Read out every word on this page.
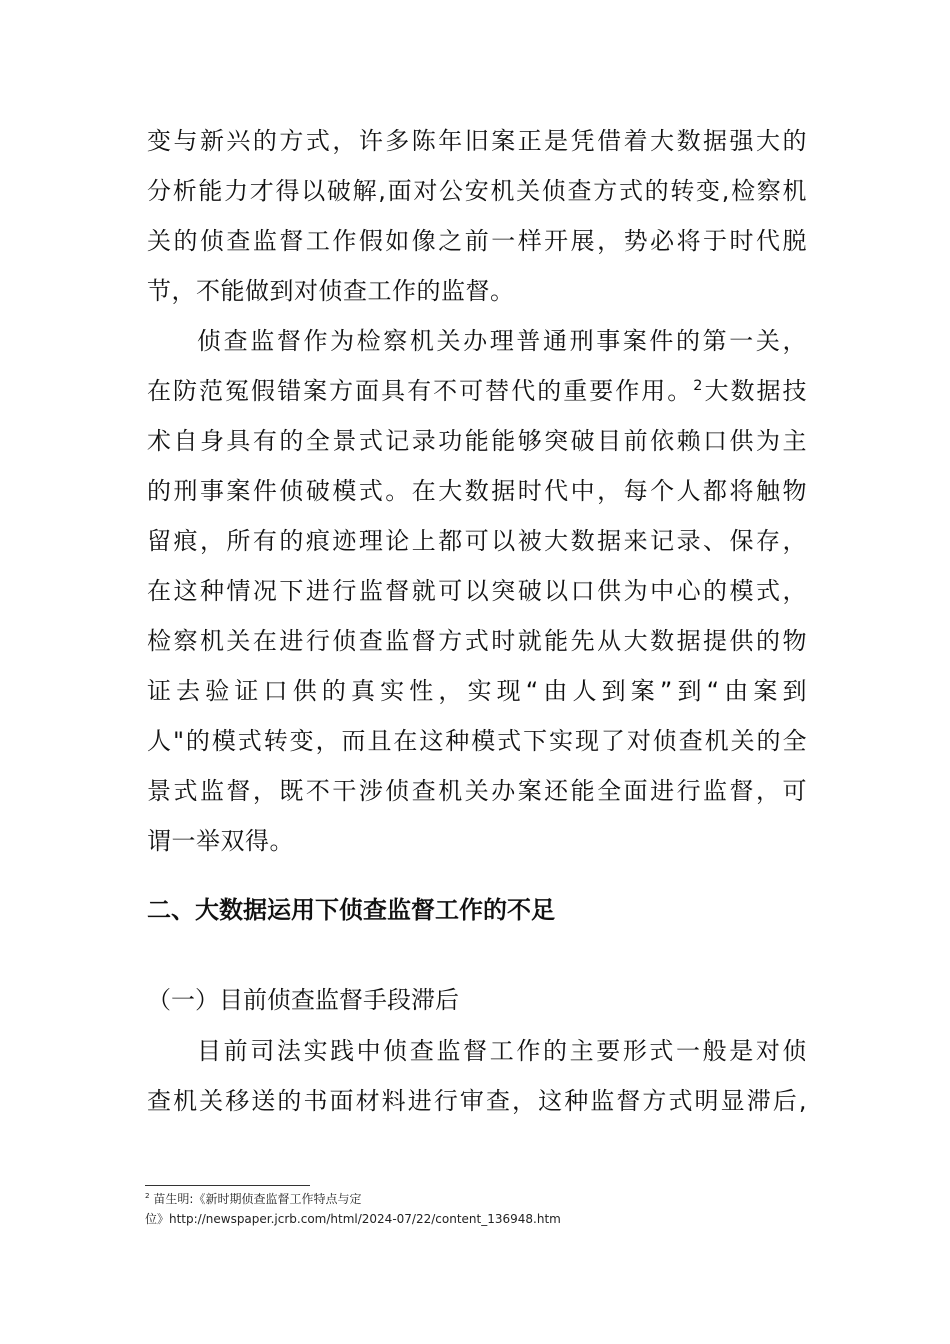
变与新兴的方式，许多陈年旧案正是凭借着大数据强大的
分析能力才得以破解,面对公安机关侦查方式的转变,检察机
关的侦查监督工作假如像之前一样开展，势必将于时代脱
节，不能做到对侦查工作的监督。
侦查监督作为检察机关办理普通刑事案件的第一关，
在防范冤假错案方面具有不可替代的重要作用。$^2$大数据技
术自身具有的全景式记录功能能够突破目前依赖口供为主
的刑事案件侦破模式。在大数据时代中，每个人都将触物
留痕，所有的痕迹理论上都可以被大数据来记录、保存，
在这种情况下进行监督就可以突破以口供为中心的模式，
检察机关在进行侦查监督方式时就能先从大数据提供的物
证去验证口供的真实性，实现“由人到案”到“由案到
人"的模式转变，而且在这种模式下实现了对侦查机关的全
景式监督，既不干涉侦查机关办案还能全面进行监督，可
谓一举双得。
二、大数据运用下侦查监督工作的不足
（一）目前侦查监督手段滞后
目前司法实践中侦查监督工作的主要形式一般是对侦
查机关移送的书面材料进行审查，这种监督方式明显滞后,
$^2$ 苗生明:《新时期侦查监督工作特点与定
位》http://newspaper.jcrb.com/html/2024-07/22/content_136948.htm
